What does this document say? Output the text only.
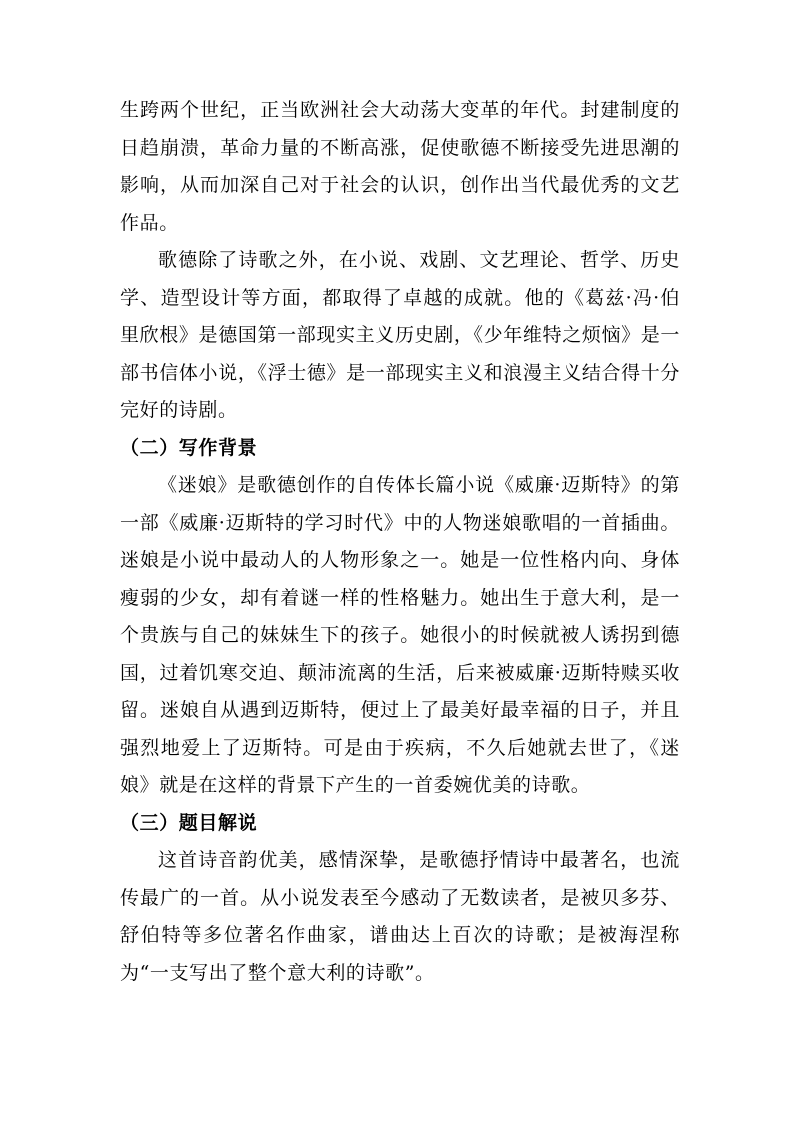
生跨两个世纪，正当欧洲社会大动荡大变革的年代。封建制度的日趋崩溃，革命力量的不断高涨，促使歌德不断接受先进思潮的影响，从而加深自己对于社会的认识，创作出当代最优秀的文艺作品。

歌德除了诗歌之外，在小说、戏剧、文艺理论、哲学、历史学、造型设计等方面，都取得了卓越的成就。他的《葛兹·冯·伯里欣根》是德国第一部现实主义历史剧，《少年维特之烦恼》是一部书信体小说，《浮士德》是一部现实主义和浪漫主义结合得十分完好的诗剧。

（二）写作背景

《迷娘》是歌德创作的自传体长篇小说《威廉·迈斯特》的第一部《威廉·迈斯特的学习时代》中的人物迷娘歌唱的一首插曲。迷娘是小说中最动人的人物形象之一。她是一位性格内向、身体瘦弱的少女，却有着谜一样的性格魅力。她出生于意大利，是一个贵族与自己的妹妹生下的孩子。她很小的时候就被人诱拐到德国，过着饥寒交迫、颠沛流离的生活，后来被威廉·迈斯特赎买收留。迷娘自从遇到迈斯特，便过上了最美好最幸福的日子，并且强烈地爱上了迈斯特。可是由于疾病，不久后她就去世了，《迷娘》就是在这样的背景下产生的一首委婉优美的诗歌。

（三）题目解说

这首诗音韵优美，感情深挚，是歌德抒情诗中最著名，也流传最广的一首。从小说发表至今感动了无数读者，是被贝多芬、舒伯特等多位著名作曲家，谱曲达上百次的诗歌；是被海涅称为“一支写出了整个意大利的诗歌”。
